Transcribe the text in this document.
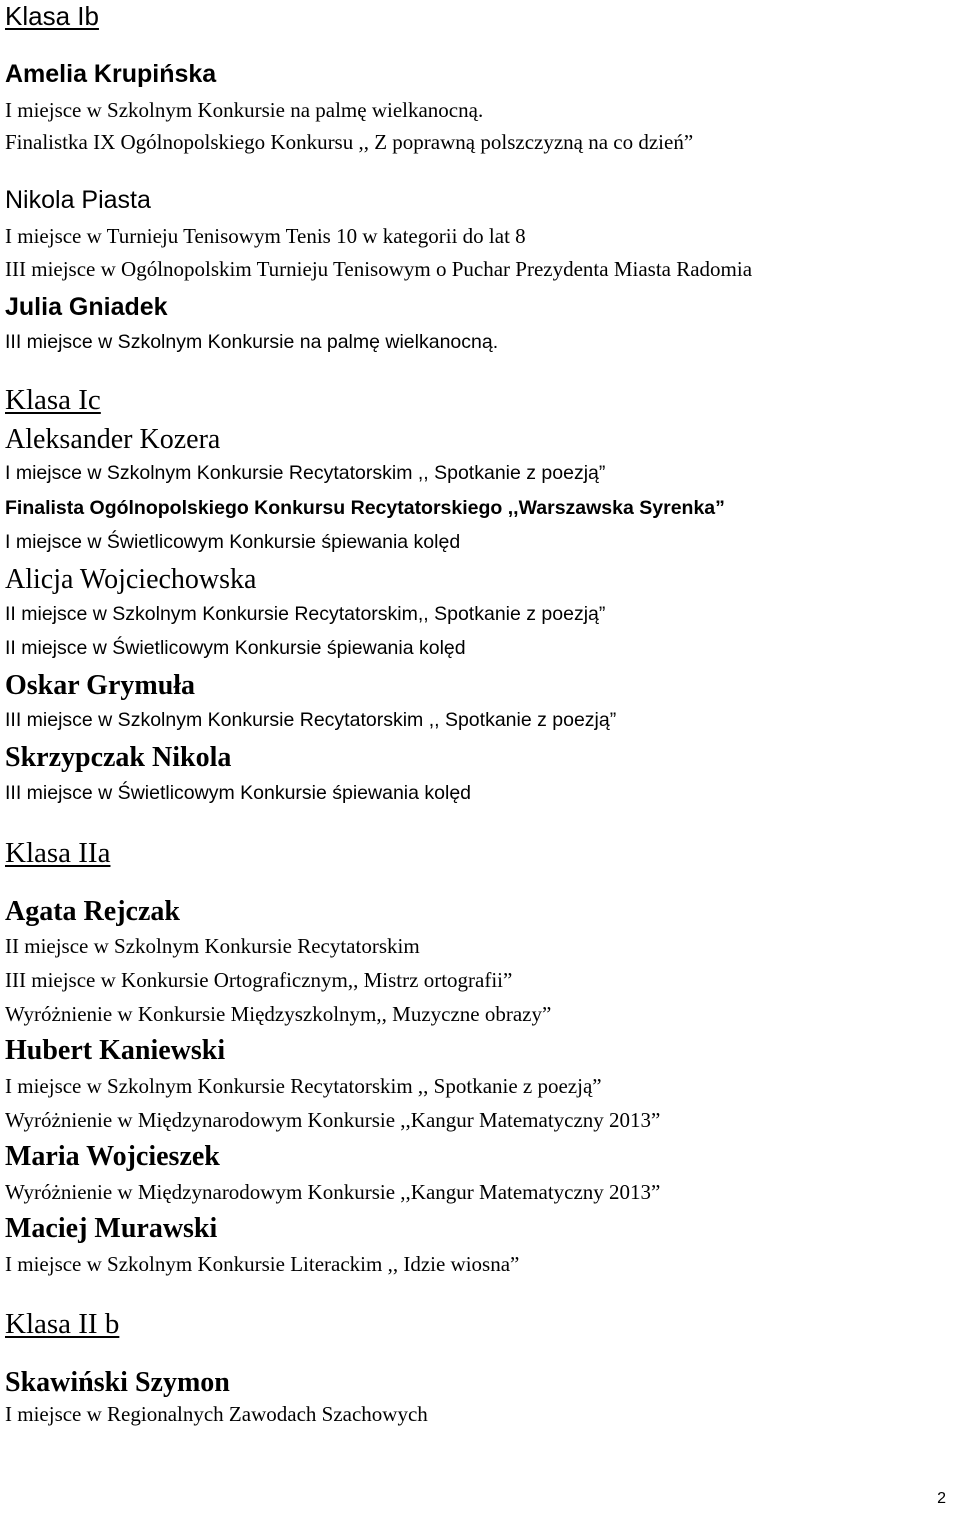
Klasa Ib
Amelia Krupińska
I miejsce w Szkolnym Konkursie na palmę wielkanocną.
Finalistka IX Ogólnopolskiego Konkursu ,, Z poprawną polszczyzną na co dzień”
Nikola Piasta
I miejsce w Turnieju Tenisowym Tenis 10 w kategorii do lat 8
III miejsce w Ogólnopolskim Turnieju Tenisowym o Puchar Prezydenta Miasta Radomia
Julia Gniadek
III miejsce w Szkolnym Konkursie na palmę wielkanocną.
Klasa Ic
Aleksander Kozera
I miejsce w Szkolnym Konkursie Recytatorskim ,, Spotkanie z poezją”
Finalista Ogólnopolskiego Konkursu Recytatorskiego ,,Warszawska Syrenka”
I miejsce w Świetlicowym Konkursie śpiewania kolęd
Alicja Wojciechowska
II miejsce w Szkolnym Konkursie Recytatorskim,, Spotkanie z poezją”
II miejsce w Świetlicowym Konkursie śpiewania kolęd
Oskar Grymuła
III miejsce w Szkolnym Konkursie Recytatorskim ,, Spotkanie z poezją”
Skrzypczak Nikola
III miejsce w Świetlicowym Konkursie śpiewania kolęd
Klasa IIa
Agata Rejczak
II miejsce w Szkolnym Konkursie Recytatorskim
III miejsce w Konkursie Ortograficznym,, Mistrz ortografii”
Wyróżnienie w Konkursie Międzyszkolnym,, Muzyczne obrazy”
Hubert Kaniewski
I miejsce w Szkolnym Konkursie Recytatorskim ,, Spotkanie z poezją”
Wyróżnienie w Międzynarodowym Konkursie ,,Kangur Matematyczny 2013”
Maria Wojcieszek
Wyróżnienie w Międzynarodowym Konkursie ,,Kangur Matematyczny 2013”
Maciej Murawski
I miejsce w Szkolnym Konkursie Literackim ,, Idzie wiosna”
Klasa II b
Skawiński Szymon
I miejsce w Regionalnych Zawodach Szachowych
2
